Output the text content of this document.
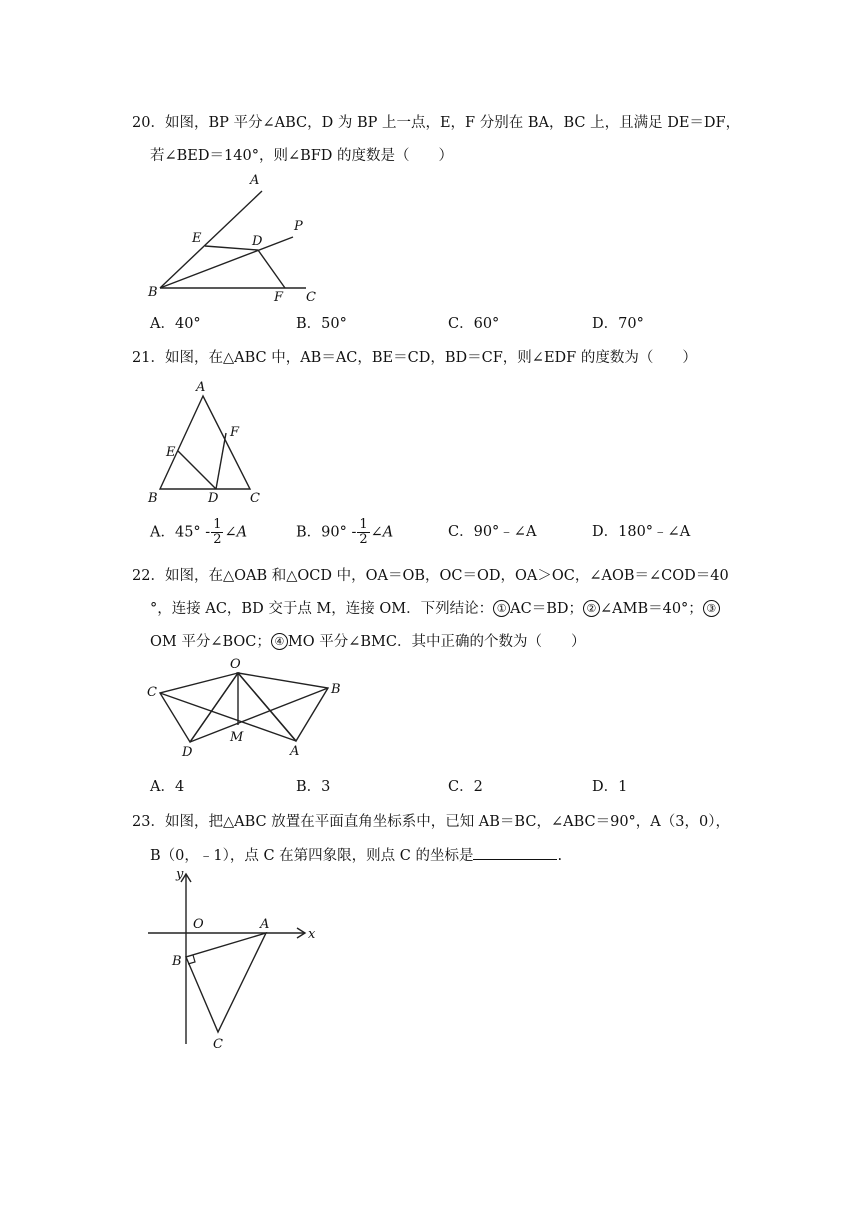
20．如图，BP 平分∠ABC，D 为 BP 上一点，E，F 分别在 BA，BC 上，且满足 DE＝DF，
若∠BED＝140°，则∠BFD 的度数是（　　）
A
P
E	D
B	F C
A．40°	B．50°	C．60°	D．70°
21．如图，在△ABC 中，AB＝AC，BE＝CD，BD＝CF，则∠EDF 的度数为（　　）
A
F
E
B	D C
A．$45^\circ - \frac{1}{2}$ ∠A	B．$90^\circ - \frac{1}{2}$ ∠A	C．90°﹣∠A	D．180°﹣∠A
22．如图，在△OAB 和△OCD 中，OA＝OB，OC＝OD，OA＞OC，∠AOB＝∠COD＝40
°，连接 AC，BD 交于点 M，连接 OM．下列结论： ① AC＝BD； ② ∠AMB＝40°； ③
OM 平分∠BOC； ④ MO 平分∠BMC．其中正确的个数为（　　）
O
C	B
D
M
A
A．4	B．3	C．2	D．1
23．如图，把△ABC 放置在平面直角坐标系中，已知 AB＝BC，∠ABC＝90°，A（3，0），
B（0，﹣1），点 C 在第四象限，则点 C 的坐标是	.
y
x
O	A
B
C
